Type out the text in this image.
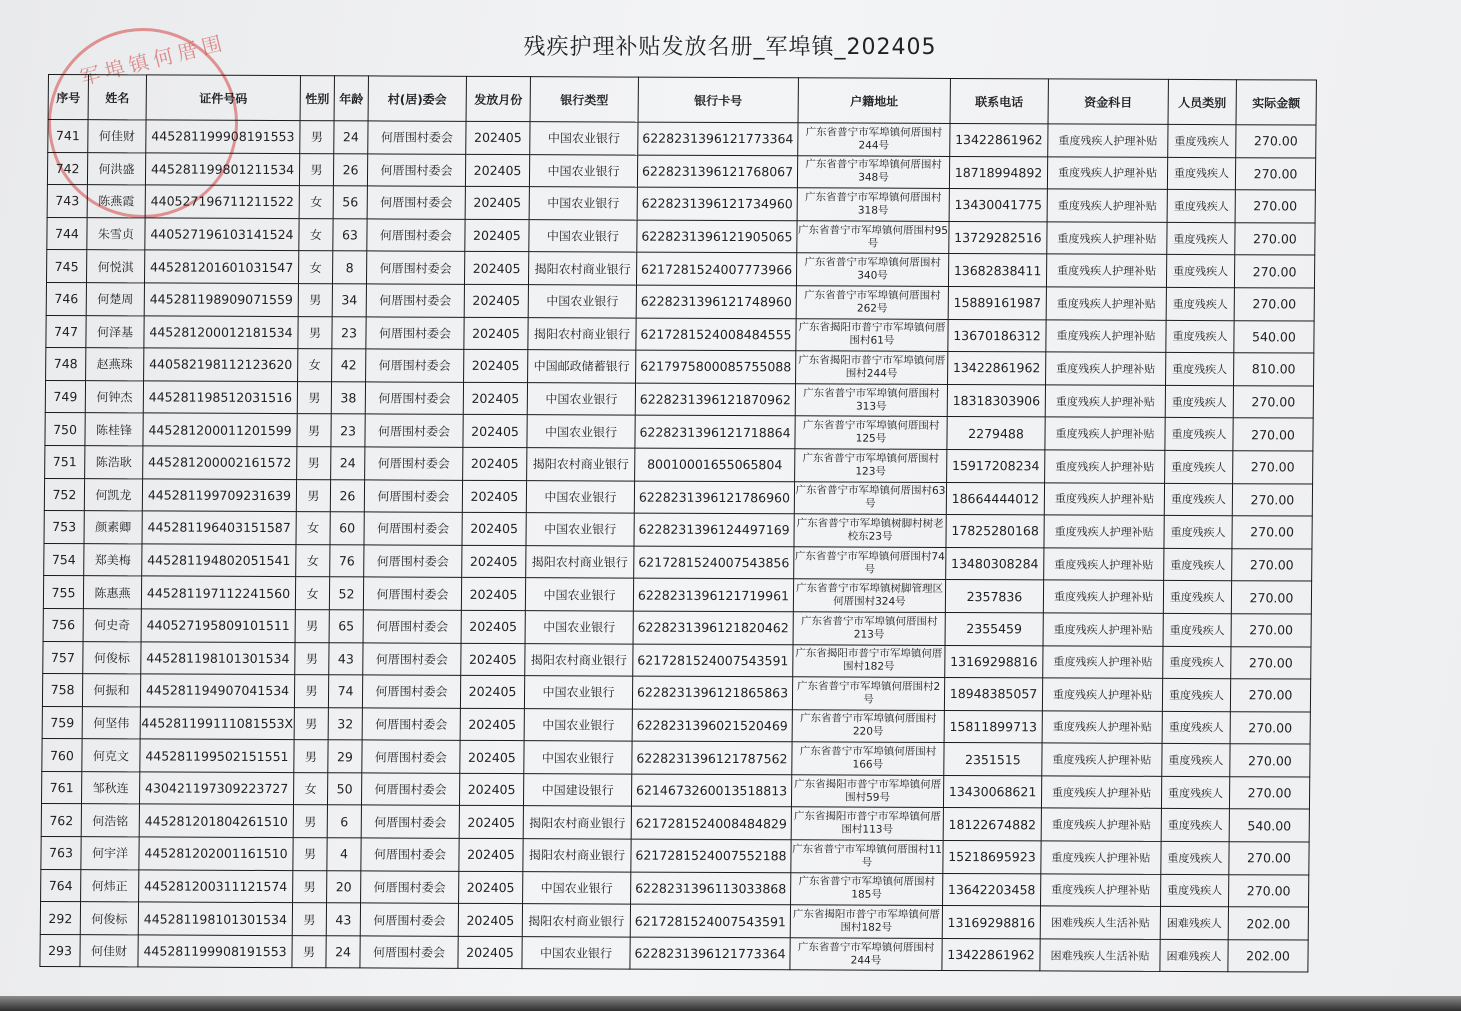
军埠镇何厝围	残疾护理补贴发放名册_军埠镇_202405
序号	姓名	证件号码	性别	年龄	村(居)委会	发放月份	银行类型	银行卡号	户籍地址	联系电话	资金科目	人员类别	实际金额
741	何佳财	445281199908191553	男	24	何厝围村委会	202405	中国农业银行	6228231396121773364	广东省普宁市军埠镇何厝围村244号	13422861962	重度残疾人护理补贴	重度残疾人	270.00
742	何洪盛	445281199801211534	男	26	何厝围村委会	202405	中国农业银行	6228231396121768067	广东省普宁市军埠镇何厝围村348号	18718994892	重度残疾人护理补贴	重度残疾人	270.00
743	陈燕霞	440527196711211522	女	56	何厝围村委会	202405	中国农业银行	6228231396121734960	广东省普宁市军埠镇何厝围村318号	13430041775	重度残疾人护理补贴	重度残疾人	270.00
744	朱雪贞	440527196103141524	女	63	何厝围村委会	202405	中国农业银行	6228231396121905065	广东省普宁市军埠镇何厝围村95号	13729282516	重度残疾人护理补贴	重度残疾人	270.00
745	何悦淇	445281201601031547	女	8	何厝围村委会	202405	揭阳农村商业银行	6217281524007773966	广东省普宁市军埠镇何厝围村340号	13682838411	重度残疾人护理补贴	重度残疾人	270.00
746	何楚周	445281198909071559	男	34	何厝围村委会	202405	中国农业银行	6228231396121748960	广东省普宁市军埠镇何厝围村262号	15889161987	重度残疾人护理补贴	重度残疾人	270.00
747	何泽基	445281200012181534	男	23	何厝围村委会	202405	揭阳农村商业银行	6217281524008484555	广东省揭阳市普宁市军埠镇何厝围村61号	13670186312	重度残疾人护理补贴	重度残疾人	540.00
748	赵燕珠	440582198112123620	女	42	何厝围村委会	202405	中国邮政储蓄银行	6217975800085755088	广东省揭阳市普宁市军埠镇何厝围村244号	13422861962	重度残疾人护理补贴	重度残疾人	810.00
749	何钟杰	445281198512031516	男	38	何厝围村委会	202405	中国农业银行	6228231396121870962	广东省普宁市军埠镇何厝围村313号	18318303906	重度残疾人护理补贴	重度残疾人	270.00
750	陈桂锋	445281200011201599	男	23	何厝围村委会	202405	中国农业银行	6228231396121718864	广东省普宁市军埠镇何厝围村125号	2279488	重度残疾人护理补贴	重度残疾人	270.00
751	陈浩耿	445281200002161572	男	24	何厝围村委会	202405	揭阳农村商业银行	80010001655065804	广东省普宁市军埠镇何厝围村123号	15917208234	重度残疾人护理补贴	重度残疾人	270.00
752	何凯龙	445281199709231639	男	26	何厝围村委会	202405	中国农业银行	6228231396121786960	广东省普宁市军埠镇何厝围村63号	18664444012	重度残疾人护理补贴	重度残疾人	270.00
753	颜素卿	445281196403151587	女	60	何厝围村委会	202405	中国农业银行	6228231396124497169	广东省普宁市军埠镇树脚村树老校东23号	17825280168	重度残疾人护理补贴	重度残疾人	270.00
754	郑美梅	445281194802051541	女	76	何厝围村委会	202405	揭阳农村商业银行	6217281524007543856	广东省普宁市军埠镇何厝围村74号	13480308284	重度残疾人护理补贴	重度残疾人	270.00
755	陈惠燕	445281197112241560	女	52	何厝围村委会	202405	中国农业银行	6228231396121719961	广东省普宁市军埠镇树脚管理区何厝围村324号	2357836	重度残疾人护理补贴	重度残疾人	270.00
756	何史奇	440527195809101511	男	65	何厝围村委会	202405	中国农业银行	6228231396121820462	广东省普宁市军埠镇何厝围村213号	2355459	重度残疾人护理补贴	重度残疾人	270.00
757	何俊标	445281198101301534	男	43	何厝围村委会	202405	揭阳农村商业银行	6217281524007543591	广东省揭阳市普宁市军埠镇何厝围村182号	13169298816	重度残疾人护理补贴	重度残疾人	270.00
758	何振和	445281194907041534	男	74	何厝围村委会	202405	中国农业银行	6228231396121865863	广东省普宁市军埠镇何厝围村2号	18948385057	重度残疾人护理补贴	重度残疾人	270.00
759	何坚伟	445281199111081553X	男	32	何厝围村委会	202405	中国农业银行	6228231396021520469	广东省普宁市军埠镇何厝围村220号	15811899713	重度残疾人护理补贴	重度残疾人	270.00
760	何克文	445281199502151551	男	29	何厝围村委会	202405	中国农业银行	6228231396121787562	广东省普宁市军埠镇何厝围村166号	2351515	重度残疾人护理补贴	重度残疾人	270.00
761	邹秋连	430421197309223727	女	50	何厝围村委会	202405	中国建设银行	6214673260013518813	广东省揭阳市普宁市军埠镇何厝围村59号	13430068621	重度残疾人护理补贴	重度残疾人	270.00
762	何浩铭	445281201804261510	男	6	何厝围村委会	202405	揭阳农村商业银行	6217281524008484829	广东省揭阳市普宁市军埠镇何厝围村113号	18122674882	重度残疾人护理补贴	重度残疾人	540.00
763	何宇洋	445281202001161510	男	4	何厝围村委会	202405	揭阳农村商业银行	6217281524007552188	广东省普宁市军埠镇何厝围村11号	15218695923	重度残疾人护理补贴	重度残疾人	270.00
764	何炜正	445281200311121574	男	20	何厝围村委会	202405	中国农业银行	6228231396113033868	广东省普宁市军埠镇何厝围村185号	13642203458	重度残疾人护理补贴	重度残疾人	270.00
292	何俊标	445281198101301534	男	43	何厝围村委会	202405	揭阳农村商业银行	6217281524007543591	广东省揭阳市普宁市军埠镇何厝围村182号	13169298816	困难残疾人生活补贴	困难残疾人	202.00
293	何佳财	445281199908191553	男	24	何厝围村委会	202405	中国农业银行	6228231396121773364	广东省普宁市军埠镇何厝围村244号	13422861962	困难残疾人生活补贴	困难残疾人	202.00
